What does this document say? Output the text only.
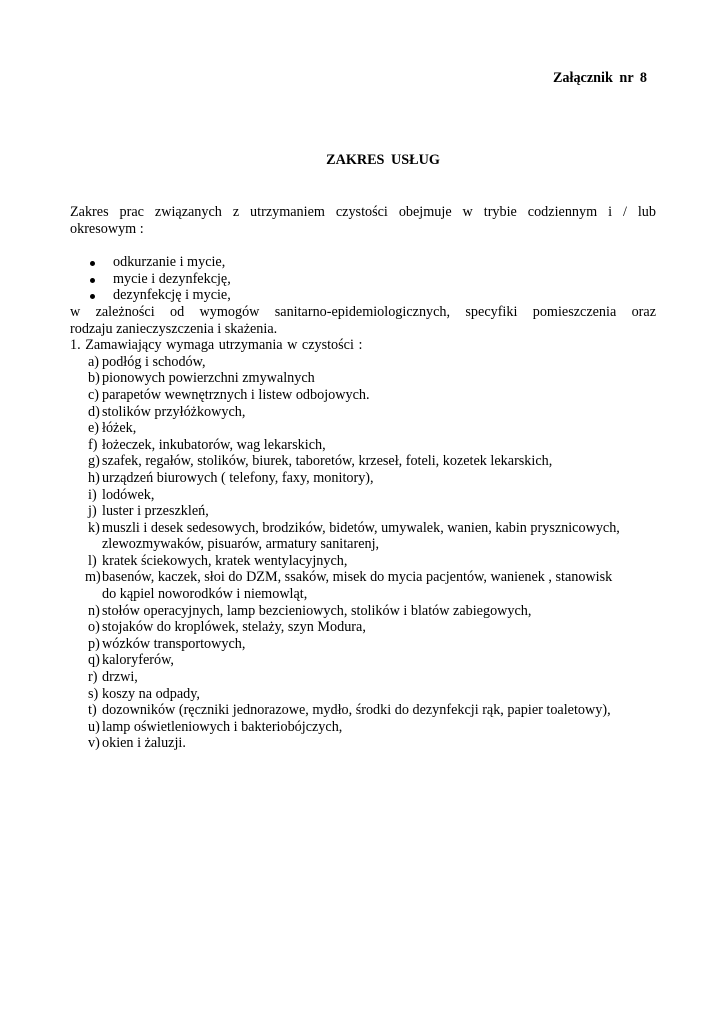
Załącznik nr 8
ZAKRES USŁUG

Zakres prac związanych z utrzymaniem czystości obejmuje w trybie codziennym i / lub
okresowym :

odkurzanie i mycie,
mycie i dezynfekcję,
dezynfekcję i mycie,

w zależności od wymogów sanitarno-epidemiologicznych, specyfiki pomieszczenia oraz
rodzaju zanieczyszczenia i skażenia.

1. Zamawiający wymaga utrzymania w czystości :

a) podłóg i schodów,
b) pionowych powierzchni zmywalnych
c) parapetów wewnętrznych i listew odbojowych.
d) stolików przyłóżkowych,
e) łóżek,
f) łożeczek, inkubatorów, wag lekarskich,
g) szafek, regałów, stolików, biurek, taboretów, krzeseł, foteli, kozetek lekarskich,
h) urządzeń biurowych ( telefony, faxy, monitory),
i) lodówek,
j) luster i przeszkleń,
k) muszli i desek sedesowych, brodzików, bidetów, umywalek, wanien, kabin prysznicowych,
zlewozmywaków, pisuarów, armatury sanitarenj,
l) kratek ściekowych, kratek wentylacyjnych,
m) basenów, kaczek, słoi do DZM, ssaków, misek do mycia pacjentów, wanienek , stanowisk
do kąpiel noworodków i niemowląt,
n) stołów operacyjnych, lamp bezcieniowych, stolików i blatów zabiegowych,
o) stojaków do kroplówek, stelaży, szyn Modura,
p) wózków transportowych,
q) kaloryferów,
r) drzwi,
s) koszy na odpady,
t) dozowników (ręczniki jednorazowe, mydło, środki do dezynfekcji rąk, papier toaletowy),
u) lamp oświetleniowych i bakteriobójczych,
v) okien i żaluzji.
